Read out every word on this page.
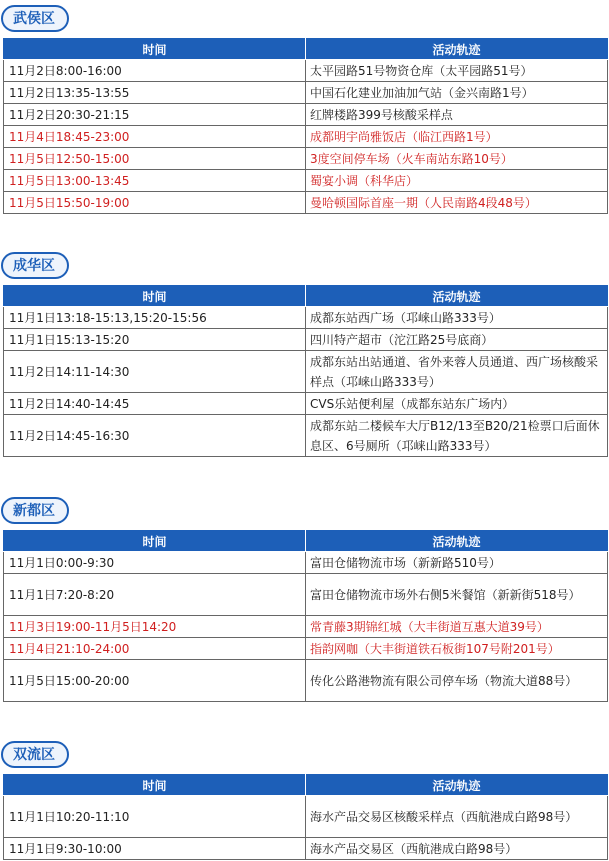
武侯区
时间	活动轨迹
11月2日8:00-16:00	太平园路51号物资仓库（太平园路51号）
11月2日13:35-13:55	中国石化建业加油加气站（金兴南路1号）
11月2日20:30-21:15	红牌楼路399号核酸采样点
11月4日18:45-23:00	成都明宇尚雅饭店（临江西路1号）
11月5日12:50-15:00	3度空间停车场（火车南站东路10号）
11月5日13:00-13:45	蜀宴小调（科华店）
11月5日15:50-19:00	曼哈顿国际首座一期（人民南路4段48号）
成华区
时间	活动轨迹
11月1日13:18-15:13,15:20-15:56	成都东站西广场（邛崃山路333号）
11月1日15:13-15:20	四川特产超市（沱江路25号底商）
11月2日14:11-14:30	成都东站出站通道、省外来蓉人员通道、西广场核酸采样点（邛崃山路333号）
11月2日14:40-14:45	CVS乐站便利屋（成都东站东广场内）
11月2日14:45-16:30	成都东站二楼候车大厅B12/13至B20/21检票口后面休息区、6号厕所（邛崃山路333号）
新都区
时间	活动轨迹
11月1日0:00-9:30	富田仓储物流市场（新新路510号）
11月1日7:20-8:20	富田仓储物流市场外右侧5米餐馆（新新街518号）
11月3日19:00-11月5日14:20	常青藤3期锦红城（大丰街道互惠大道39号）
11月4日21:10-24:00	指韵网咖（大丰街道铁石板街107号附201号）
11月5日15:00-20:00	传化公路港物流有限公司停车场（物流大道88号）
双流区
时间	活动轨迹
11月1日10:20-11:10	海水产品交易区核酸采样点（西航港成白路98号）
11月1日9:30-10:00	海水产品交易区（西航港成白路98号）
